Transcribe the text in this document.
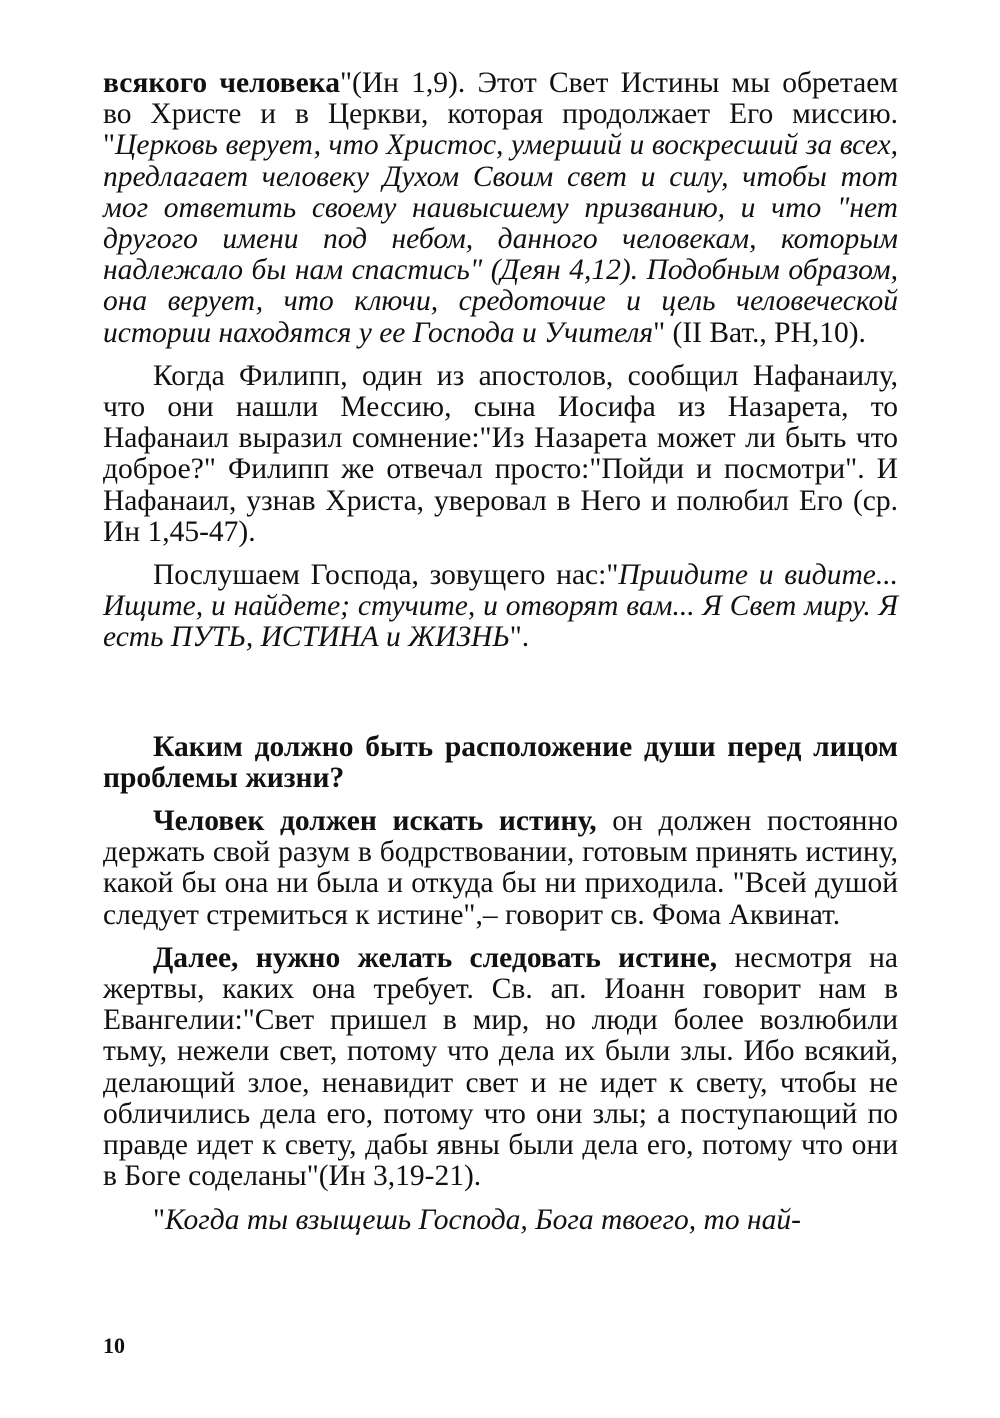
всякого человека"(Ин 1,9). Этот Свет Истины мы обретаем во Христе и в Церкви, которая продолжает Его миссию. "Церковь верует, что Христос, умерший и воскресший за всех, предлагает человеку Духом Своим свет и силу, чтобы тот мог ответить своему наивысшему призванию, и что "нет другого имени под небом, данного человекам, которым надлежало бы нам спастись" (Деян 4,12). Подобным образом, она верует, что ключи, средоточие и цель человеческой истории находятся у ее Господа и Учителя" (II Ват., РН,10).

Когда Филипп, один из апостолов, сообщил Нафанаилу, что они нашли Мессию, сына Иосифа из Назарета, то Нафанаил выразил сомнение:"Из Назарета может ли быть что доброе?" Филипп же отвечал просто:"Пойди и посмотри". И Нафанаил, узнав Христа, уверовал в Него и полюбил Его (ср. Ин 1,45-47).

Послушаем Господа, зовущего нас:"Приидите и видите... Ищите, и найдете; стучите, и отворят вам... Я Свет миру. Я есть ПУТЬ, ИСТИНА и ЖИЗНЬ".

Каким должно быть расположение души перед лицом проблемы жизни?

Человек должен искать истину, он должен постоянно держать свой разум в бодрствовании, готовым принять истину, какой бы она ни была и откуда бы ни приходила. "Всей душой следует стремиться к истине",– говорит св. Фома Аквинат.

Далее, нужно желать следовать истине, несмотря на жертвы, каких она требует. Св. ап. Иоанн говорит нам в Евангелии:"Свет пришел в мир, но люди более возлюбили тьму, нежели свет, потому что дела их были злы. Ибо всякий, делающий злое, ненавидит свет и не идет к свету, чтобы не обличились дела его, потому что они злы; а поступающий по правде идет к свету, дабы явны были дела его, потому что они в Боге соделаны"(Ин 3,19-21).

"Когда ты взыщешь Господа, Бога твоего, то най-

10
